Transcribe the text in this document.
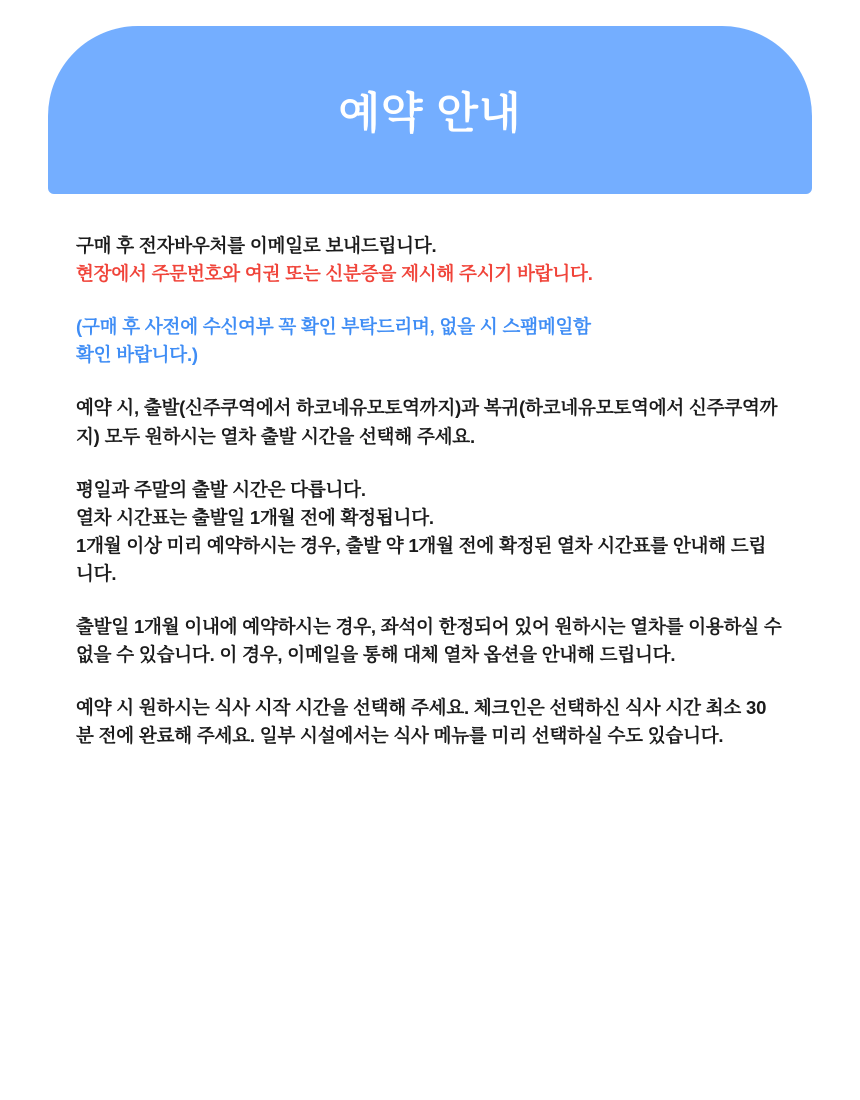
예약 안내
구매 후 전자바우처를 이메일로 보내드립니다.
현장에서 주문번호와 여권 또는 신분증을 제시해 주시기 바랍니다.
(구매 후 사전에 수신여부 꼭 확인 부탁드리며, 없을 시 스팸메일함
확인 바랍니다.)
예약 시, 출발(신주쿠역에서 하코네유모토역까지)과 복귀(하코네유모토역에서 신주쿠역까지) 모두 원하시는 열차 출발 시간을 선택해 주세요.
평일과 주말의 출발 시간은 다릅니다.
열차 시간표는 출발일 1개월 전에 확정됩니다.
1개월 이상 미리 예약하시는 경우, 출발 약 1개월 전에 확정된 열차 시간표를 안내해 드립니다.
출발일 1개월 이내에 예약하시는 경우, 좌석이 한정되어 있어 원하시는 열차를 이용하실 수 없을 수 있습니다. 이 경우, 이메일을 통해 대체 열차 옵션을 안내해 드립니다.
예약 시 원하시는 식사 시작 시간을 선택해 주세요. 체크인은 선택하신 식사 시간 최소 30분 전에 완료해 주세요. 일부 시설에서는 식사 메뉴를 미리 선택하실 수도 있습니다.
